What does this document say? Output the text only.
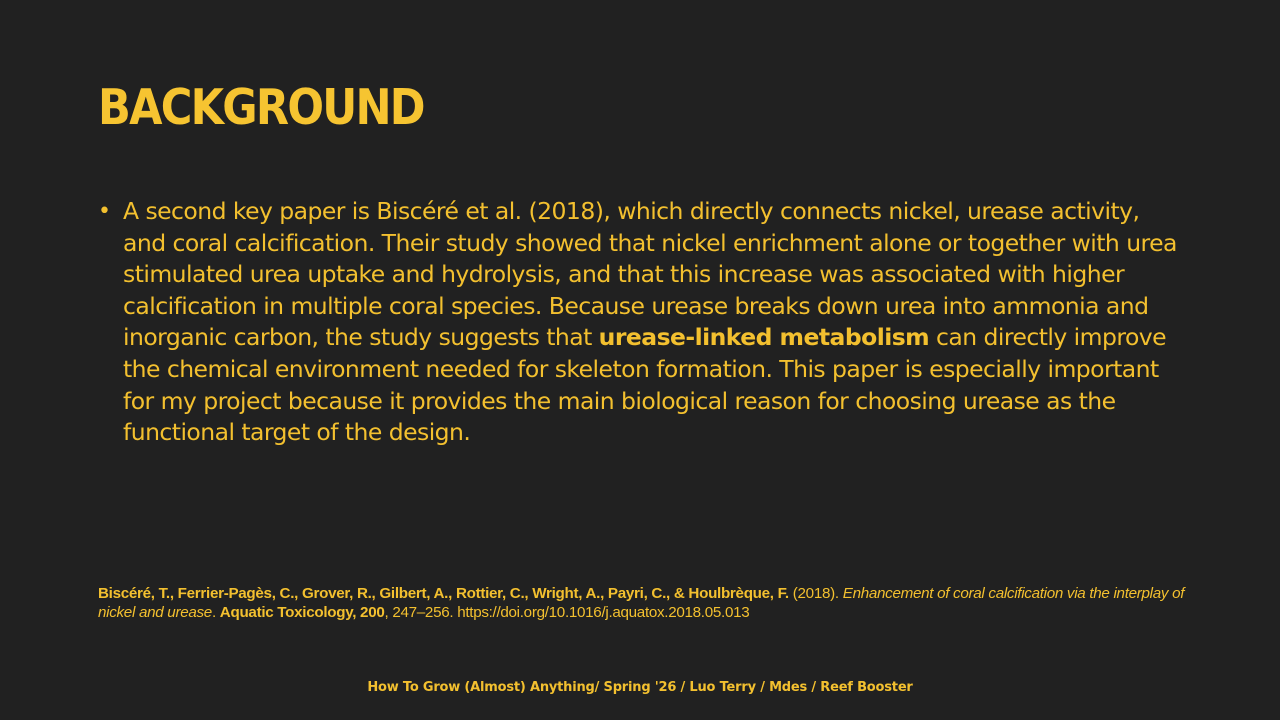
BACKGROUND
• A second key paper is Biscéré et al. (2018), which directly connects nickel, urease activity, and coral calcification. Their study showed that nickel enrichment alone or together with urea stimulated urea uptake and hydrolysis, and that this increase was associated with higher calcification in multiple coral species. Because urease breaks down urea into ammonia and inorganic carbon, the study suggests that urease-linked metabolism can directly improve the chemical environment needed for skeleton formation. This paper is especially important for my project because it provides the main biological reason for choosing urease as the functional target of the design.

Biscéré, T., Ferrier-Pagès, C., Grover, R., Gilbert, A., Rottier, C., Wright, A., Payri, C., & Houlbrèque, F. (2018). Enhancement of coral calcification via the interplay of nickel and urease. Aquatic Toxicology, 200, 247–256. https://doi.org/10.1016/j.aquatox.2018.05.013

How To Grow (Almost) Anything/ Spring '26 / Luo Terry / Mdes / Reef Booster
